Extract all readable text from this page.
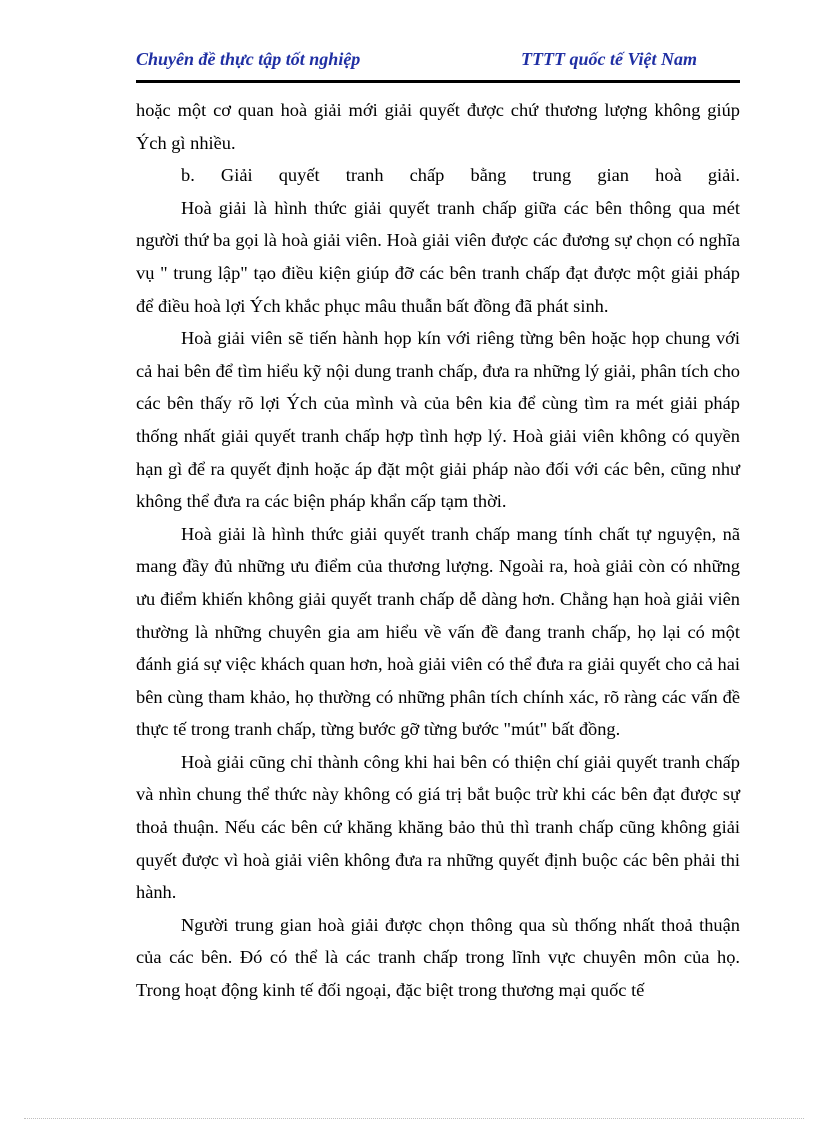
Chuyên đề thực tập tốt nghiệp	TTTT quốc tế Việt Nam

hoặc một cơ quan hoà giải mới giải quyết được chứ thương lượng không giúp Ých gì nhiều.

b. Giải quyết tranh chấp bằng trung gian hoà giải.

Hoà giải là hình thức giải quyết tranh chấp giữa các bên thông qua mét người thứ ba gọi là hoà giải viên. Hoà giải viên được các đương sự chọn có nghĩa vụ " trung lập" tạo điều kiện giúp đỡ các bên tranh chấp đạt được một giải pháp để điều hoà lợi Ých khắc phục mâu thuẫn bất đồng đã phát sinh.

Hoà giải viên sẽ tiến hành họp kín với riêng từng bên hoặc họp chung với cả hai bên để tìm hiểu kỹ nội dung tranh chấp, đưa ra những lý giải, phân tích cho các bên thấy rõ lợi Ých của mình và của bên kia để cùng tìm ra mét giải pháp thống nhất giải quyết tranh chấp hợp tình hợp lý. Hoà giải viên không có quyền hạn gì để ra quyết định hoặc áp đặt một giải pháp nào đối với các bên, cũng như không thể đưa ra các biện pháp khẩn cấp tạm thời.

Hoà giải là hình thức giải quyết tranh chấp mang tính chất tự nguyện, nã mang đầy đủ những ưu điểm của thương lượng. Ngoài ra, hoà giải còn có những ưu điểm khiến không giải quyết tranh chấp dễ dàng hơn. Chẳng hạn hoà giải viên thường là những chuyên gia am hiểu về vấn đề đang tranh chấp, họ lại có một đánh giá sự việc khách quan hơn, hoà giải viên có thể đưa ra giải quyết cho cả hai bên cùng tham khảo, họ thường có những phân tích chính xác, rõ ràng các vấn đề thực tế trong tranh chấp, từng bước gỡ từng bước "mút" bất đồng.

Hoà giải cũng chỉ thành công khi hai bên có thiện chí giải quyết tranh chấp và nhìn chung thể thức này không có giá trị bắt buộc trừ khi các bên đạt được sự thoả thuận. Nếu các bên cứ khăng khăng bảo thủ thì tranh chấp cũng không giải quyết được vì hoà giải viên không đưa ra những quyết định buộc các bên phải thi hành.

Người trung gian hoà giải được chọn thông qua sù thống nhất thoả thuận của các bên. Đó có thể là các tranh chấp trong lĩnh vực chuyên môn của họ. Trong hoạt động kinh tế đối ngoại, đặc biệt trong thương mại quốc tế
